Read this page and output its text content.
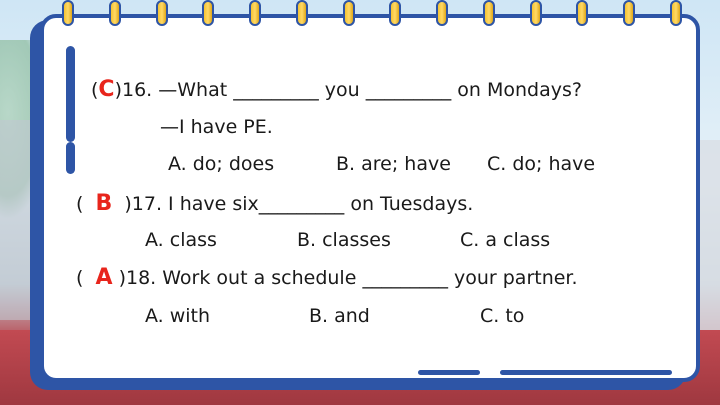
(C)16. —What _________ you _________ on Mondays?
—I have PE.
A. do; does	B. are; have C. do; have
( B )17. I have six_________ on Tuesdays.
A. class	B. classes	C. a class
( A )18. Work out a schedule _________ your partner.
A. with	B. and	C. to
